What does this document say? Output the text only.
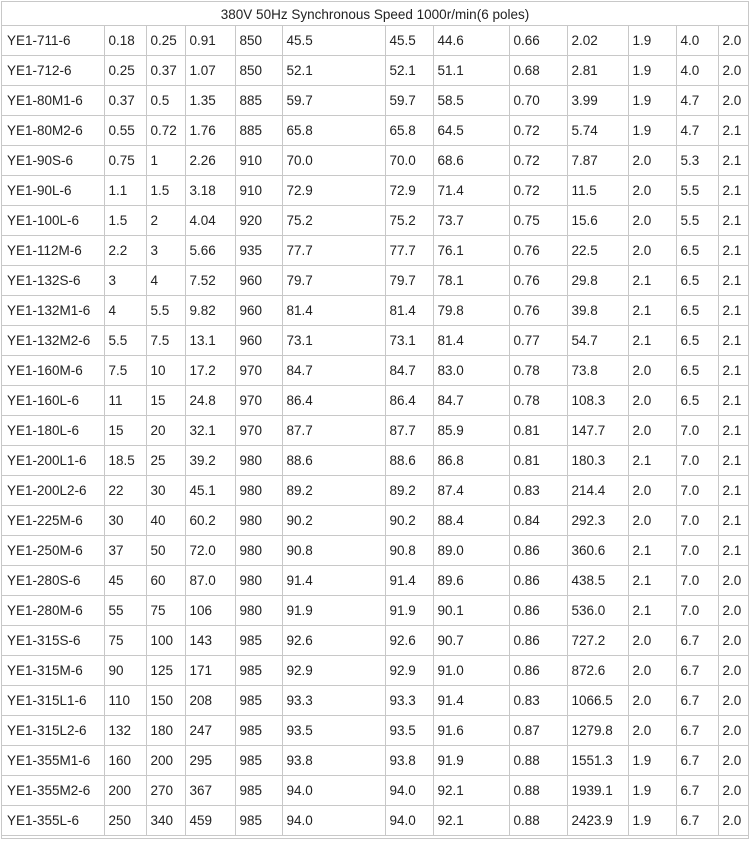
380V 50Hz Synchronous Speed 1000r/min(6 poles)
YE1-711-6	0.18	0.25	0.91	850	45.5	45.5	44.6	0.66	2.02	1.9	4.0	2.0
YE1-712-6	0.25	0.37	1.07	850	52.1	52.1	51.1	0.68	2.81	1.9	4.0	2.0
YE1-80M1-6	0.37	0.5	1.35	885	59.7	59.7	58.5	0.70	3.99	1.9	4.7	2.0
YE1-80M2-6	0.55	0.72	1.76	885	65.8	65.8	64.5	0.72	5.74	1.9	4.7	2.1
YE1-90S-6	0.75	1	2.26	910	70.0	70.0	68.6	0.72	7.87	2.0	5.3	2.1
YE1-90L-6	1.1	1.5	3.18	910	72.9	72.9	71.4	0.72	11.5	2.0	5.5	2.1
YE1-100L-6	1.5	2	4.04	920	75.2	75.2	73.7	0.75	15.6	2.0	5.5	2.1
YE1-112M-6	2.2	3	5.66	935	77.7	77.7	76.1	0.76	22.5	2.0	6.5	2.1
YE1-132S-6	3	4	7.52	960	79.7	79.7	78.1	0.76	29.8	2.1	6.5	2.1
YE1-132M1-6	4	5.5	9.82	960	81.4	81.4	79.8	0.76	39.8	2.1	6.5	2.1
YE1-132M2-6	5.5	7.5	13.1	960	73.1	73.1	81.4	0.77	54.7	2.1	6.5	2.1
YE1-160M-6	7.5	10	17.2	970	84.7	84.7	83.0	0.78	73.8	2.0	6.5	2.1
YE1-160L-6	11	15	24.8	970	86.4	86.4	84.7	0.78	108.3	2.0	6.5	2.1
YE1-180L-6	15	20	32.1	970	87.7	87.7	85.9	0.81	147.7	2.0	7.0	2.1
YE1-200L1-6	18.5	25	39.2	980	88.6	88.6	86.8	0.81	180.3	2.1	7.0	2.1
YE1-200L2-6	22	30	45.1	980	89.2	89.2	87.4	0.83	214.4	2.0	7.0	2.1
YE1-225M-6	30	40	60.2	980	90.2	90.2	88.4	0.84	292.3	2.0	7.0	2.1
YE1-250M-6	37	50	72.0	980	90.8	90.8	89.0	0.86	360.6	2.1	7.0	2.1
YE1-280S-6	45	60	87.0	980	91.4	91.4	89.6	0.86	438.5	2.1	7.0	2.0
YE1-280M-6	55	75	106	980	91.9	91.9	90.1	0.86	536.0	2.1	7.0	2.0
YE1-315S-6	75	100	143	985	92.6	92.6	90.7	0.86	727.2	2.0	6.7	2.0
YE1-315M-6	90	125	171	985	92.9	92.9	91.0	0.86	872.6	2.0	6.7	2.0
YE1-315L1-6	110	150	208	985	93.3	93.3	91.4	0.83	1066.5	2.0	6.7	2.0
YE1-315L2-6	132	180	247	985	93.5	93.5	91.6	0.87	1279.8	2.0	6.7	2.0
YE1-355M1-6	160	200	295	985	93.8	93.8	91.9	0.88	1551.3	1.9	6.7	2.0
YE1-355M2-6	200	270	367	985	94.0	94.0	92.1	0.88	1939.1	1.9	6.7	2.0
YE1-355L-6	250	340	459	985	94.0	94.0	92.1	0.88	2423.9	1.9	6.7	2.0
